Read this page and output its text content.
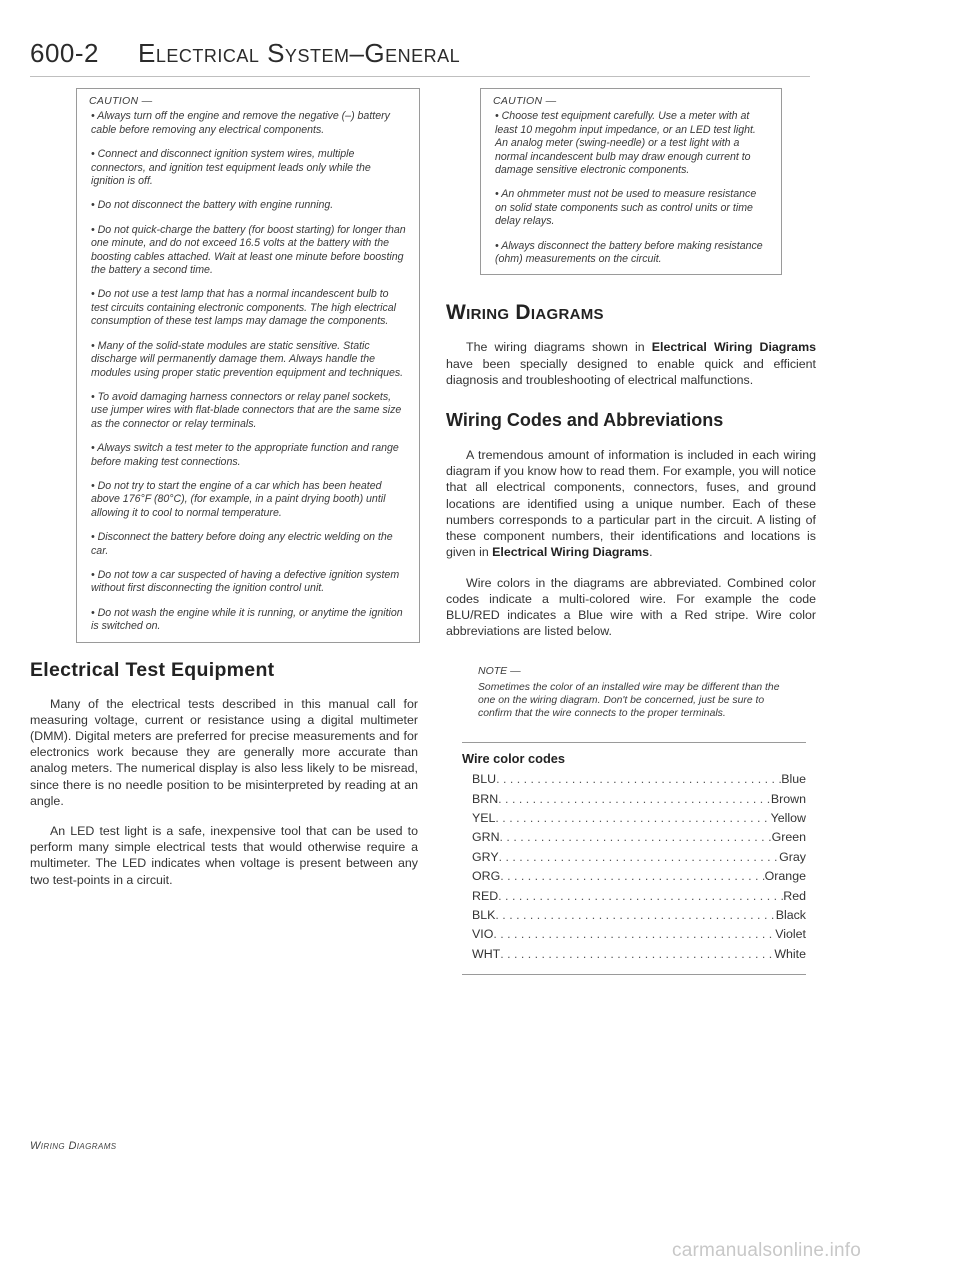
600-2 Electrical System–General
CAUTION —
• Always turn off the engine and remove the negative (–) battery cable before removing any electrical components.
• Connect and disconnect ignition system wires, multiple connectors, and ignition test equipment leads only while the ignition is off.
• Do not disconnect the battery with engine running.
• Do not quick-charge the battery (for boost starting) for longer than one minute, and do not exceed 16.5 volts at the battery with the boosting cables attached. Wait at least one minute before boosting the battery a second time.
• Do not use a test lamp that has a normal incandescent bulb to test circuits containing electronic components. The high electrical consumption of these test lamps may damage the components.
• Many of the solid-state modules are static sensitive. Static discharge will permanently damage them. Always handle the modules using proper static prevention equipment and techniques.
• To avoid damaging harness connectors or relay panel sockets, use jumper wires with flat-blade connectors that are the same size as the connector or relay terminals.
• Always switch a test meter to the appropriate function and range before making test connections.
• Do not try to start the engine of a car which has been heated above 176°F (80°C), (for example, in a paint drying booth) until allowing it to cool to normal temperature.
• Disconnect the battery before doing any electric welding on the car.
• Do not tow a car suspected of having a defective ignition system without first disconnecting the ignition control unit.
• Do not wash the engine while it is running, or anytime the ignition is switched on.
Electrical Test Equipment

Many of the electrical tests described in this manual call for measuring voltage, current or resistance using a digital multimeter (DMM). Digital meters are preferred for precise measurements and for electronics work because they are generally more accurate than analog meters. The numerical display is also less likely to be misread, since there is no needle position to be misinterpreted by reading at an angle.

An LED test light is a safe, inexpensive tool that can be used to perform many simple electrical tests that would otherwise require a multimeter. The LED indicates when voltage is present between any two test-points in a circuit.

CAUTION —
• Choose test equipment carefully. Use a meter with at least 10 megohm input impedance, or an LED test light. An analog meter (swing-needle) or a test light with a normal incandescent bulb may draw enough current to damage sensitive electronic components.
• An ohmmeter must not be used to measure resistance on solid state components such as control units or time delay relays.
• Always disconnect the battery before making resistance (ohm) measurements on the circuit.
Wiring Diagrams

The wiring diagrams shown in Electrical Wiring Diagrams have been specially designed to enable quick and efficient diagnosis and troubleshooting of electrical malfunctions.

Wiring Codes and Abbreviations

A tremendous amount of information is included in each wiring diagram if you know how to read them. For example, you will notice that all electrical components, connectors, fuses, and ground locations are identified using a unique number. Each of these numbers corresponds to a particular part in the circuit. A listing of these component numbers, their identifications and locations is given in Electrical Wiring Diagrams.

Wire colors in the diagrams are abbreviated. Combined color codes indicate a multi-colored wire. For example the code BLU/RED indicates a Blue wire with a Red stripe. Wire color abbreviations are listed below.

NOTE —
Sometimes the color of an installed wire may be different than the one on the wiring diagram. Don't be concerned, just be sure to confirm that the wire connects to the proper terminals.
Wire color codes
BLU . . .	Blue
BRN . . .	Brown
YEL . . .	Yellow
GRN . . .	Green
GRY . . .	Gray
ORG . . .	Orange
RED . . .	Red
BLK . . .	Black
VIO . . .	Violet
WHT . . .	White
Wiring Diagrams
carmanualsonline.info
